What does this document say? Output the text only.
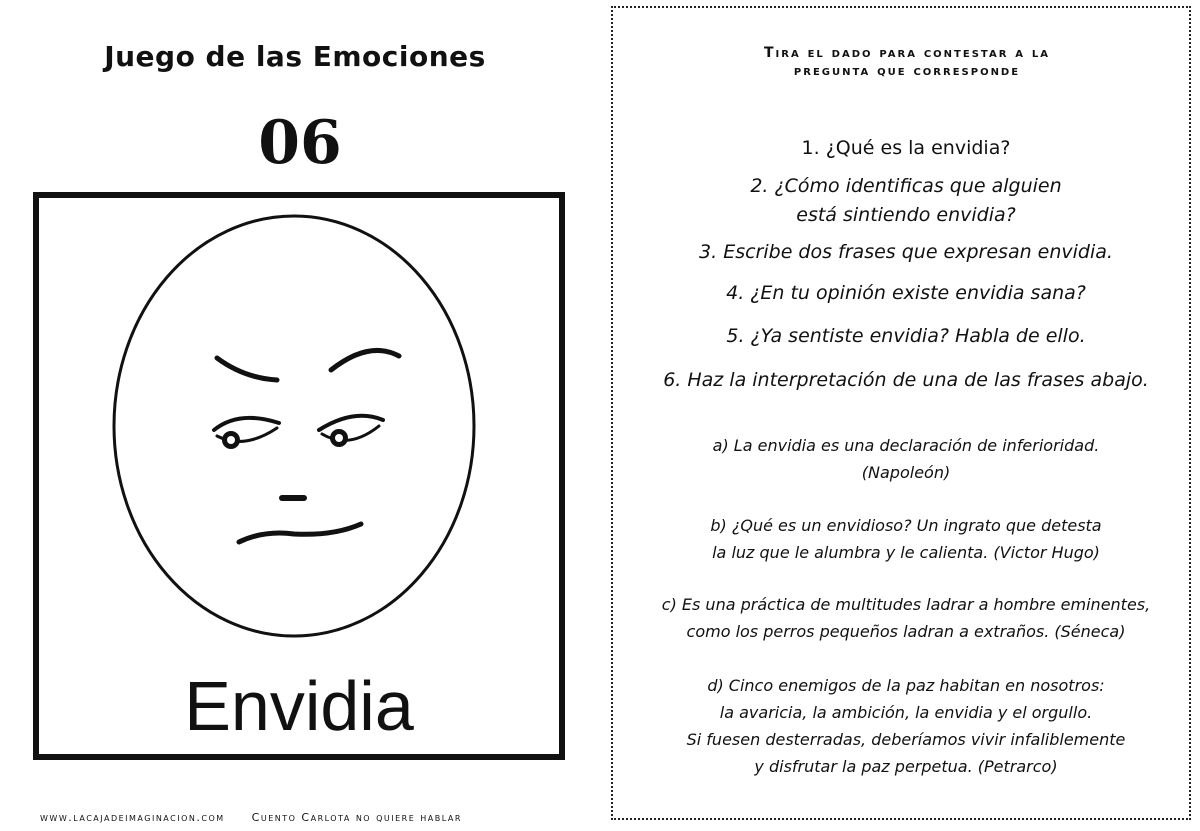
Juego de las Emociones
06
Envidia
www.lacajadeimaginacion.com Cuento Carlota no quiere hablar
Tira el dado para contestar a la
pregunta que corresponde
1. ¿Qué es la envidia?
2. ¿Cómo identificas que alguien
está sintiendo envidia?
3. Escribe dos frases que expresan envidia.
4. ¿En tu opinión existe envidia sana?
5. ¿Ya sentiste envidia? Habla de ello.
6. Haz la interpretación de una de las frases abajo.
a) La envidia es una declaración de inferioridad.
(Napoleón)
b) ¿Qué es un envidioso? Un ingrato que detesta
la luz que le alumbra y le calienta. (Victor Hugo)
c) Es una práctica de multitudes ladrar a hombre eminentes,
como los perros pequeños ladran a extraños. (Séneca)
d) Cinco enemigos de la paz habitan en nosotros:
la avaricia, la ambición, la envidia y el orgullo.
Si fuesen desterradas, deberíamos vivir infaliblemente
y disfrutar la paz perpetua. (Petrarco)
